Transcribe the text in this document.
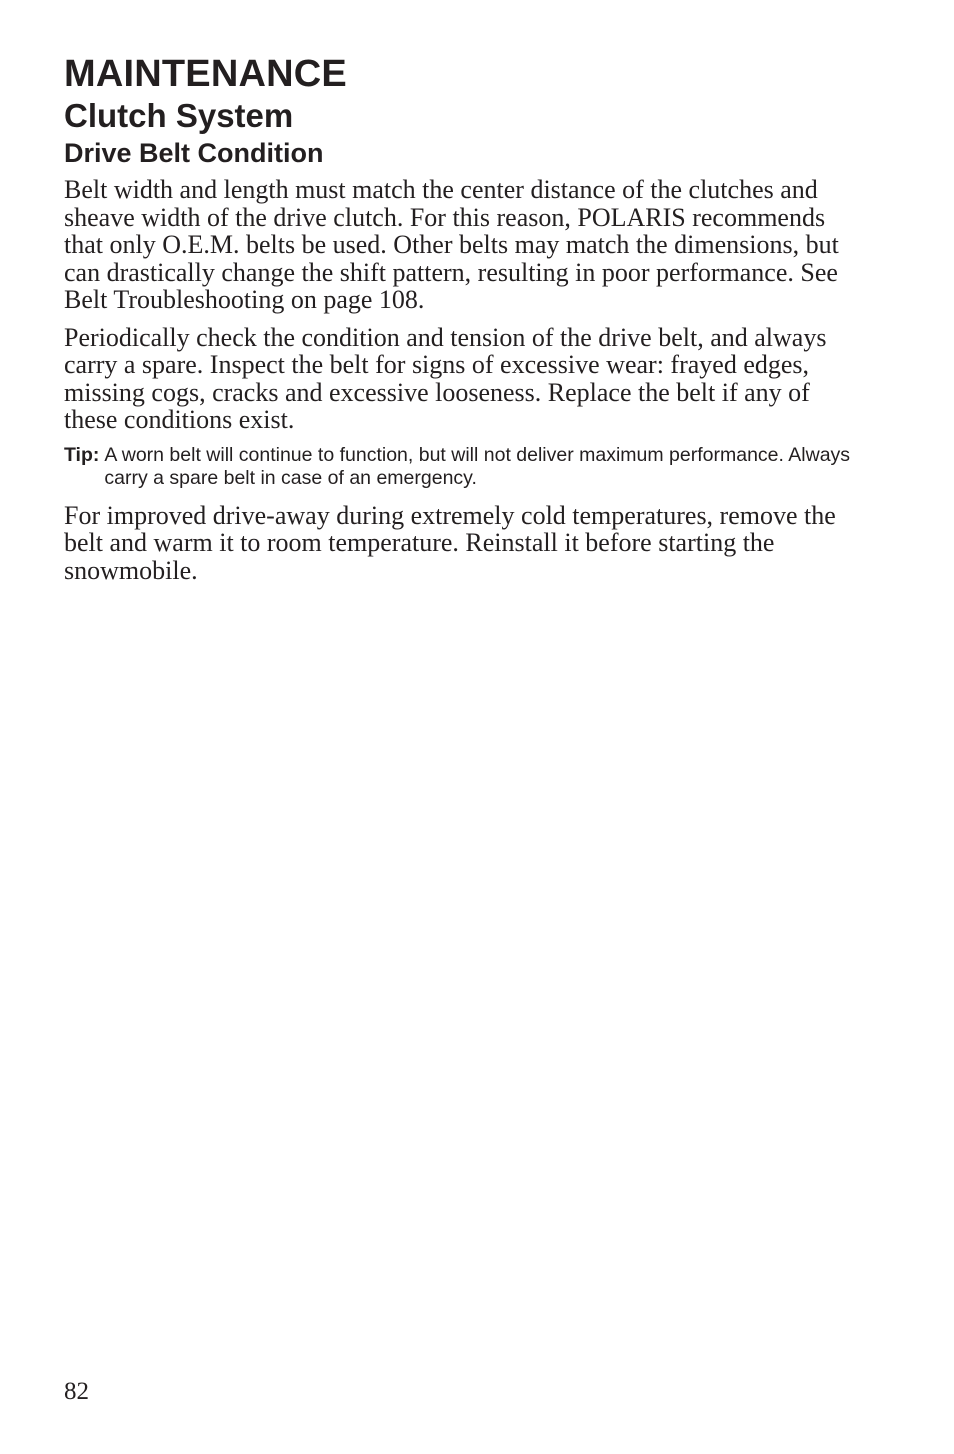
MAINTENANCE
Clutch System
Drive Belt Condition

Belt width and length must match the center distance of the clutches and sheave width of the drive clutch. For this reason, POLARIS recommends that only O.E.M. belts be used. Other belts may match the dimensions, but can drastically change the shift pattern, resulting in poor performance. See Belt Troubleshooting on page 108.

Periodically check the condition and tension of the drive belt, and always carry a spare. Inspect the belt for signs of excessive wear: frayed edges, missing cogs, cracks and excessive looseness. Replace the belt if any of these conditions exist.

Tip: A worn belt will continue to function, but will not deliver maximum performance. Always carry a spare belt in case of an emergency.

For improved drive-away during extremely cold temperatures, remove the belt and warm it to room temperature. Reinstall it before starting the snowmobile.

82
